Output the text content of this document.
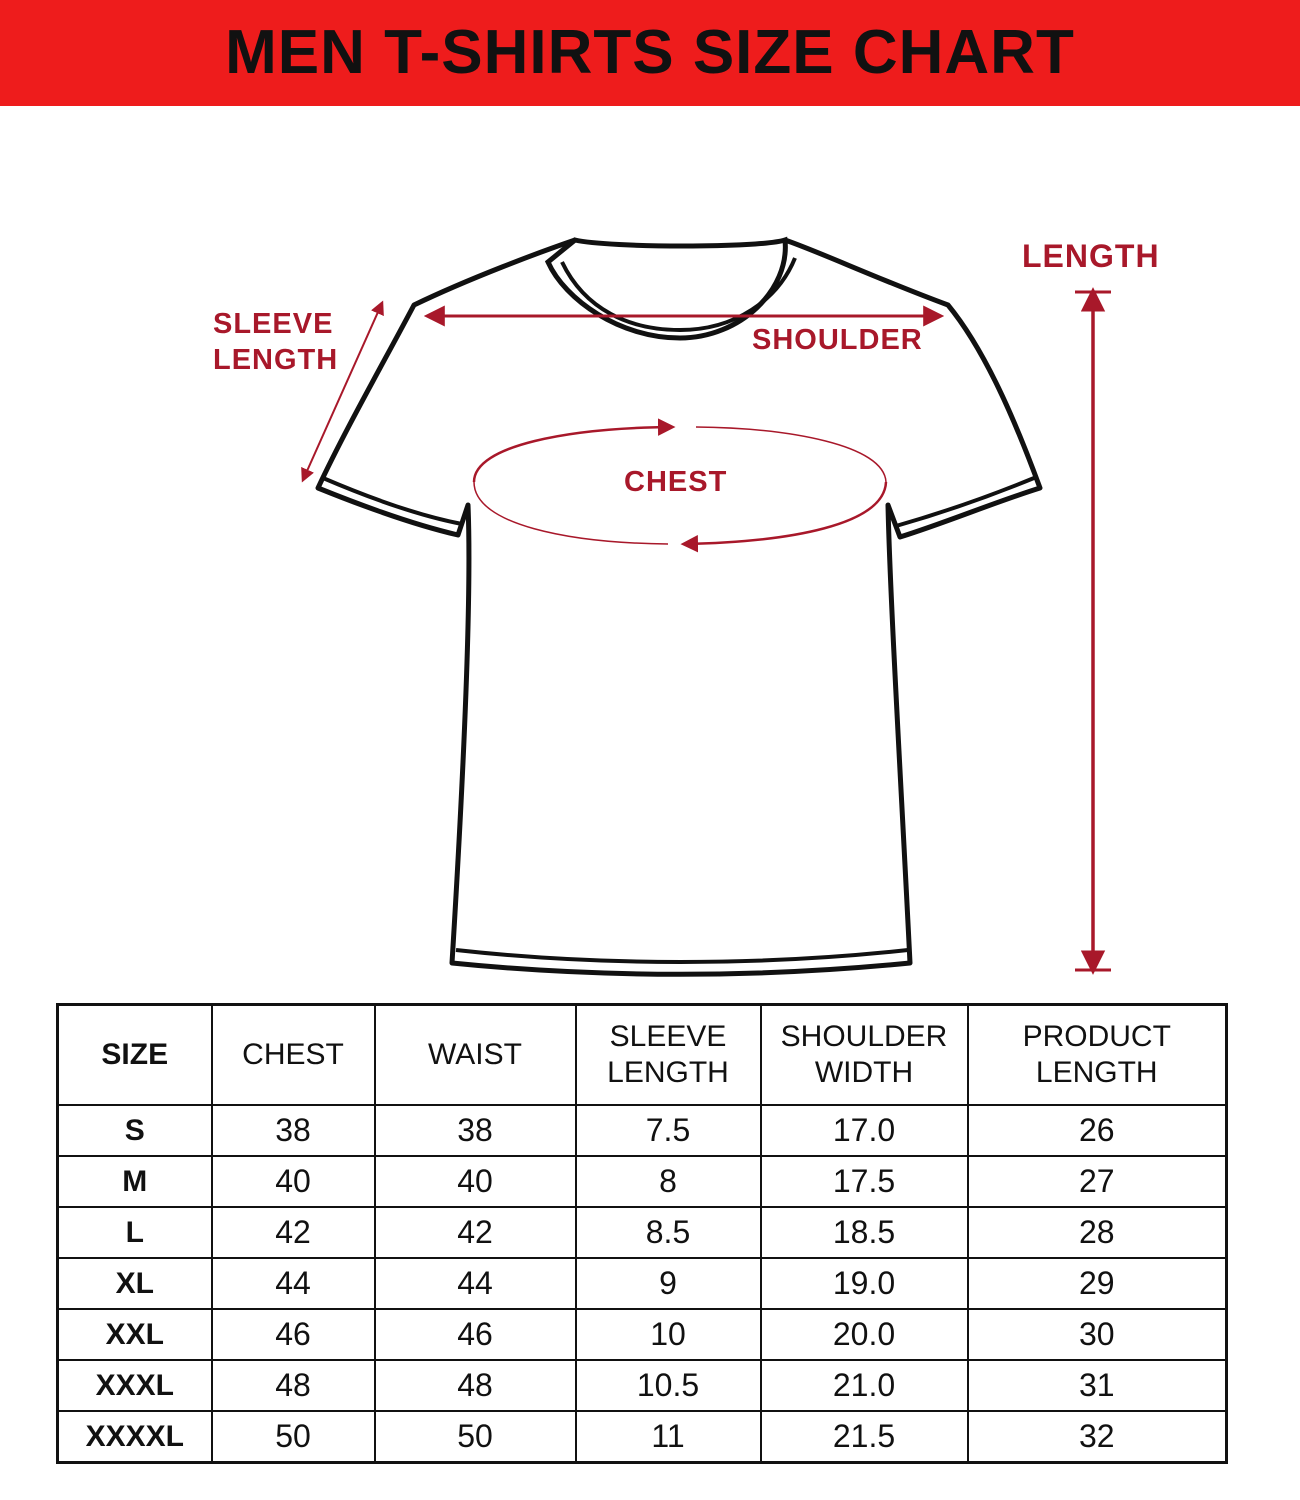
MEN T-SHIRTS SIZE CHART
SLEEVE LENGTH
SHOULDER
CHEST
LENGTH
SIZE	CHEST	WAIST	SLEEVE LENGTH	SHOULDER WIDTH	PRODUCT LENGTH
S	38	38	7.5	17.0	26
M	40	40	8	17.5	27
L	42	42	8.5	18.5	28
XL	44	44	9	19.0	29
XXL	46	46	10	20.0	30
XXXL	48	48	10.5	21.0	31
XXXXL	50	50	11	21.5	32
